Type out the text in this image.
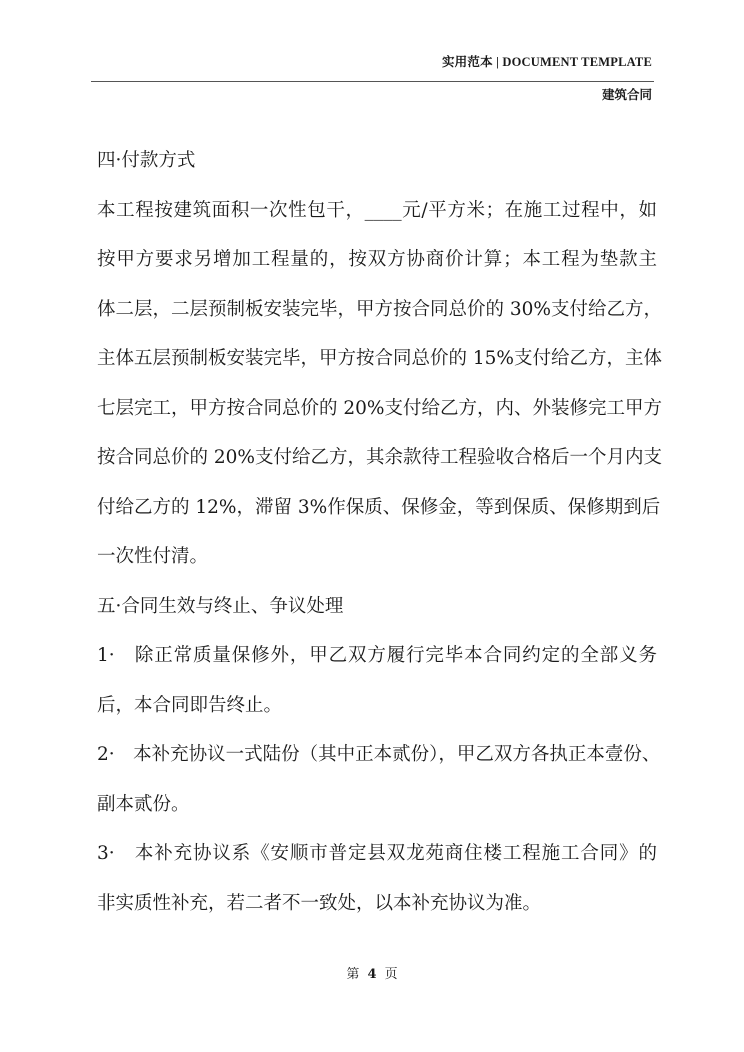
实用范本 | DOCUMENT TEMPLATE
建筑合同
四·付款方式
本工程按建筑面积一次性包干，____元/平方米；在施工过程中，如
按甲方要求另增加工程量的，按双方协商价计算；本工程为垫款主
体二层，二层预制板安装完毕，甲方按合同总价的 30%支付给乙方，
主体五层预制板安装完毕，甲方按合同总价的 15%支付给乙方，主体
七层完工，甲方按合同总价的 20%支付给乙方，内、外装修完工甲方
按合同总价的 20%支付给乙方，其余款待工程验收合格后一个月内支
付给乙方的 12%，滞留 3%作保质、保修金，等到保质、保修期到后
一次性付清。
五·合同生效与终止、争议处理
1·　除正常质量保修外，甲乙双方履行完毕本合同约定的全部义务
后，本合同即告终止。
2·　本补充协议一式陆份（其中正本贰份），甲乙双方各执正本壹份、
副本贰份。
3·　本补充协议系《安顺市普定县双龙苑商住楼工程施工合同》的
非实质性补充，若二者不一致处，以本补充协议为准。
第 4 页
